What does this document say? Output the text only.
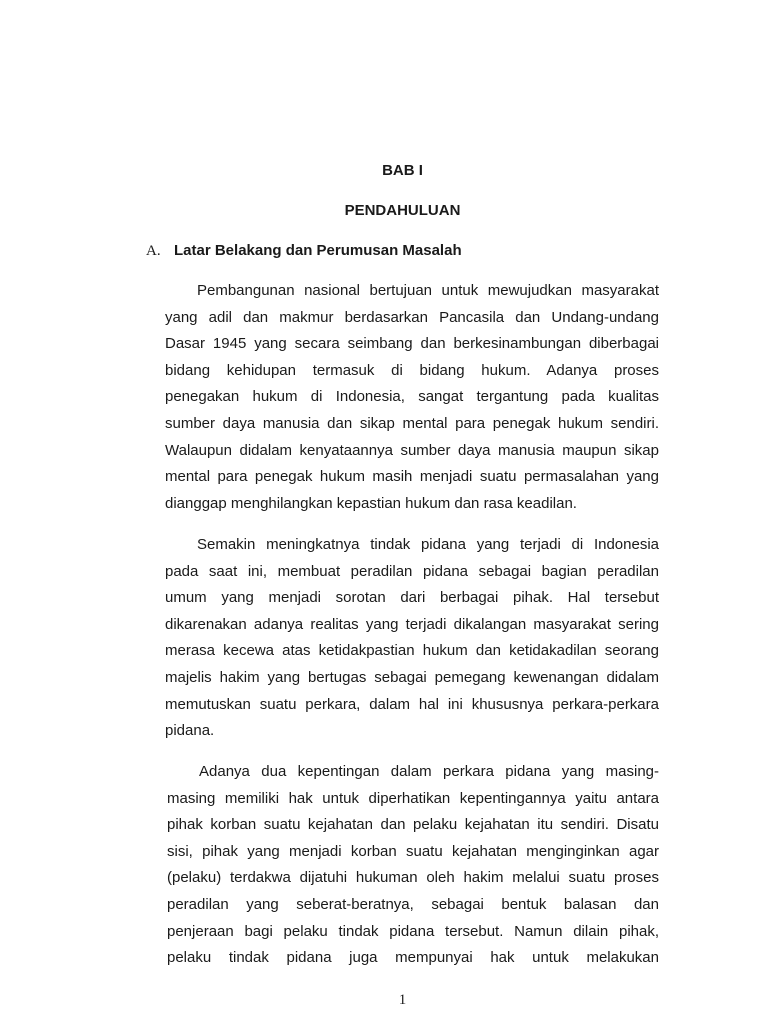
BAB I
PENDAHULUAN
A. Latar Belakang dan Perumusan Masalah
Pembangunan nasional bertujuan untuk mewujudkan masyarakat
yang adil dan makmur berdasarkan Pancasila dan Undang-undang
Dasar 1945 yang secara seimbang dan berkesinambungan diberbagai
bidang kehidupan termasuk di bidang hukum. Adanya proses
penegakan hukum di Indonesia, sangat tergantung pada kualitas
sumber daya manusia dan sikap mental para penegak hukum sendiri.
Walaupun didalam kenyataannya sumber daya manusia maupun sikap
mental para penegak hukum masih menjadi suatu permasalahan yang
dianggap menghilangkan kepastian hukum dan rasa keadilan.
Semakin meningkatnya tindak pidana yang terjadi di Indonesia
pada saat ini, membuat peradilan pidana sebagai bagian peradilan
umum yang menjadi sorotan dari berbagai pihak. Hal tersebut
dikarenakan adanya realitas yang terjadi dikalangan masyarakat sering
merasa kecewa atas ketidakpastian hukum dan ketidakadilan seorang
majelis hakim yang bertugas sebagai pemegang kewenangan didalam
memutuskan suatu perkara, dalam hal ini khususnya perkara-perkara
pidana.
Adanya dua kepentingan dalam perkara pidana yang masing-
masing memiliki hak untuk diperhatikan kepentingannya yaitu antara
pihak korban suatu kejahatan dan pelaku kejahatan itu sendiri. Disatu
sisi, pihak yang menjadi korban suatu kejahatan menginginkan agar
(pelaku) terdakwa dijatuhi hukuman oleh hakim melalui suatu proses
peradilan yang seberat-beratnya, sebagai bentuk balasan dan
penjeraan bagi pelaku tindak pidana tersebut. Namun dilain pihak,
pelaku tindak pidana juga mempunyai hak untuk melakukan
1
